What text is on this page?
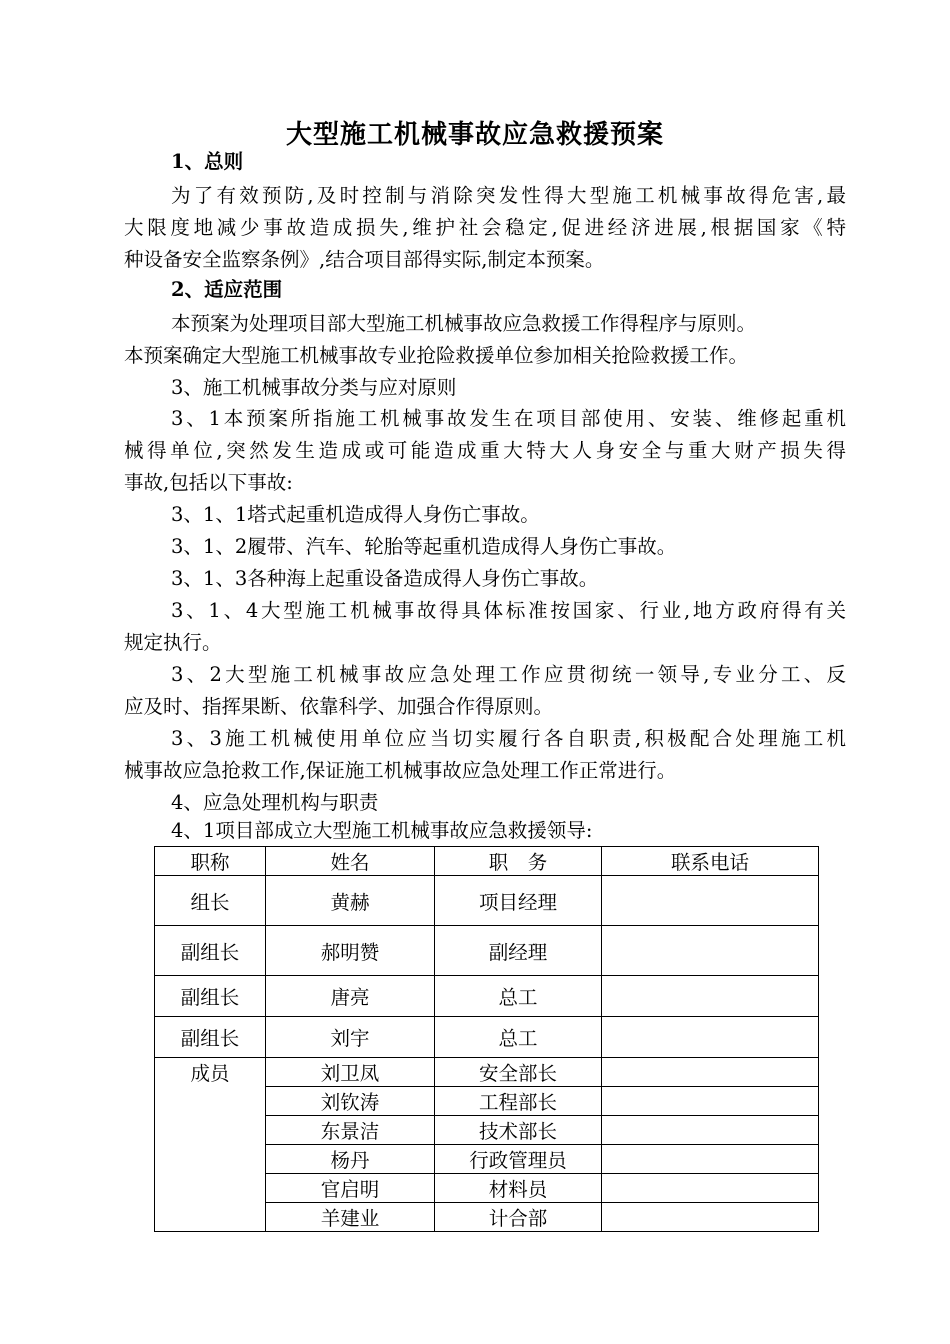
大型施工机械事故应急救援预案
1、总则
为了有效预防,及时控制与消除突发性得大型施工机械事故得危害,最
大限度地减少事故造成损失,维护社会稳定,促进经济进展,根据国家《特
种设备安全监察条例》,结合项目部得实际,制定本预案。
2、适应范围
本预案为处理项目部大型施工机械事故应急救援工作得程序与原则。
本预案确定大型施工机械事故专业抢险救援单位参加相关抢险救援工作。
3、施工机械事故分类与应对原则
3、1本预案所指施工机械事故发生在项目部使用、安装、维修起重机
械得单位,突然发生造成或可能造成重大特大人身安全与重大财产损失得
事故,包括以下事故:
3、1、1塔式起重机造成得人身伤亡事故。
3、1、2履带、汽车、轮胎等起重机造成得人身伤亡事故。
3、1、3各种海上起重设备造成得人身伤亡事故。
3、1、4大型施工机械事故得具体标准按国家、行业,地方政府得有关
规定执行。
3、2大型施工机械事故应急处理工作应贯彻统一领导,专业分工、反
应及时、指挥果断、依靠科学、加强合作得原则。
3、3施工机械使用单位应当切实履行各自职责,积极配合处理施工机
械事故应急抢救工作,保证施工机械事故应急处理工作正常进行。
4、应急处理机构与职责
4、1项目部成立大型施工机械事故应急救援领导:
职称	姓名	职　务	联系电话
组长	黄赫	项目经理	
副组长	郝明赞	副经理	
副组长	唐亮	总工	
副组长	刘宇	总工	
成员	刘卫凤	安全部长	
	刘钦涛	工程部长	
	东景洁	技术部长	
	杨丹	行政管理员	
	官启明	材料员	
	羊建业	计合部	
